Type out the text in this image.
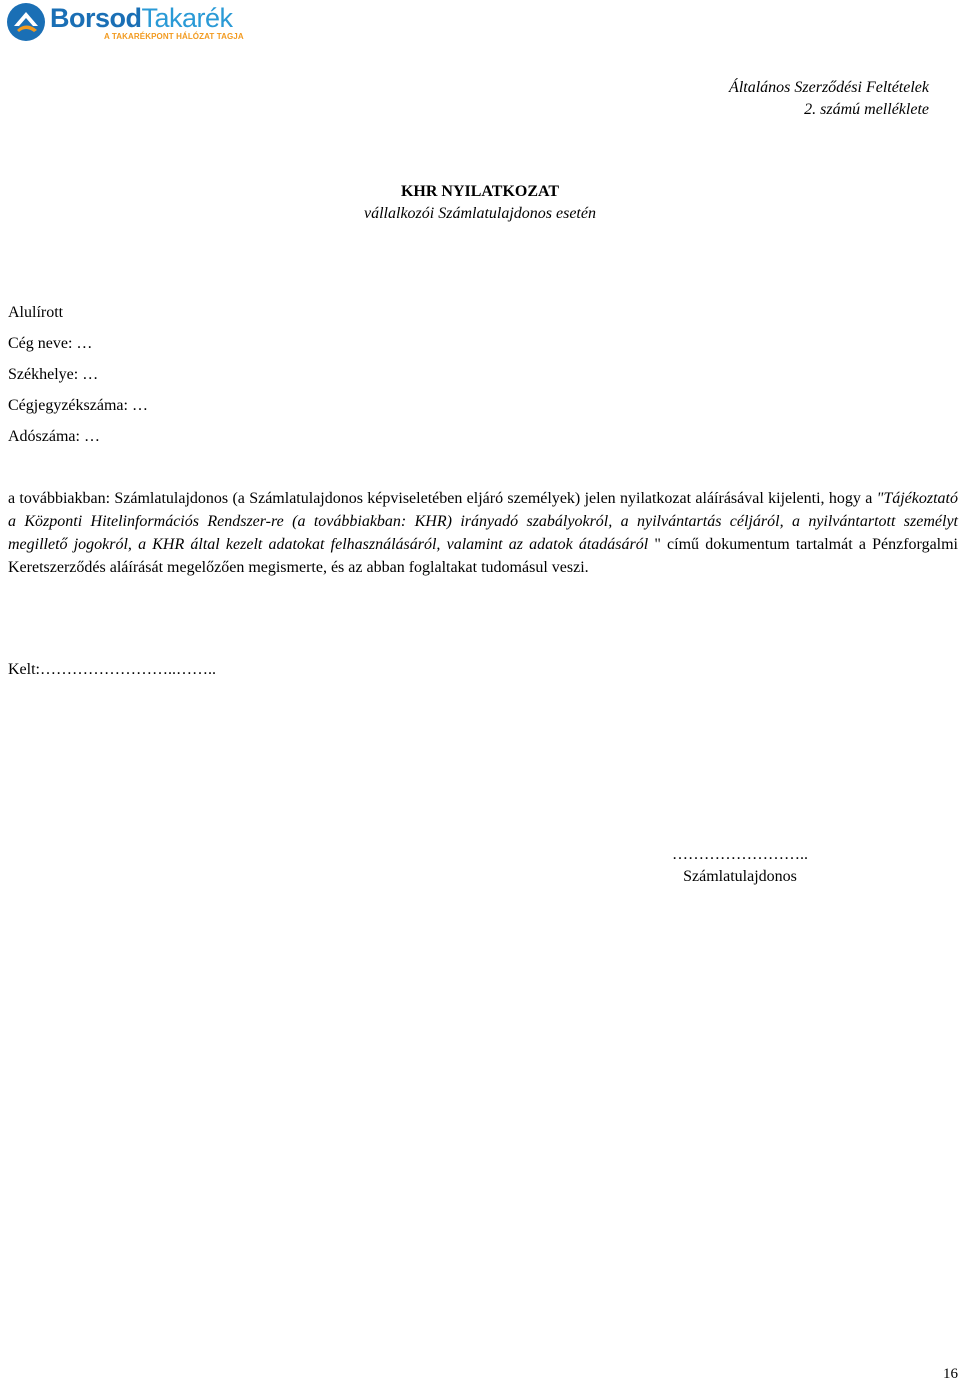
BorsodTakarék
A TAKARÉKPONT HÁLÓZAT TAGJA
Általános Szerződési Feltételek
2. számú melléklete
KHR NYILATKOZAT
vállalkozói Számlatulajdonos esetén
Alulírott
Cég neve: …
Székhelye: …
Cégjegyzékszáma: …
Adószáma: …
a továbbiakban: Számlatulajdonos (a Számlatulajdonos képviseletében eljáró személyek) jelen nyilatkozat aláírásával kijelenti, hogy a "Tájékoztató a Központi Hitelinformációs Rendszer-re (a továbbiakban: KHR) irányadó szabályokról, a nyilvántartás céljáról, a nyilvántartott személyt megillető jogokról, a KHR által kezelt adatokat felhasználásáról, valamint az adatok átadásáról " című dokumentum tartalmát a Pénzforgalmi Keretszerződés aláírását megelőzően megismerte, és az abban foglaltakat tudomásul veszi.
Kelt:……………………..……..
……………………..
Számlatulajdonos
16
